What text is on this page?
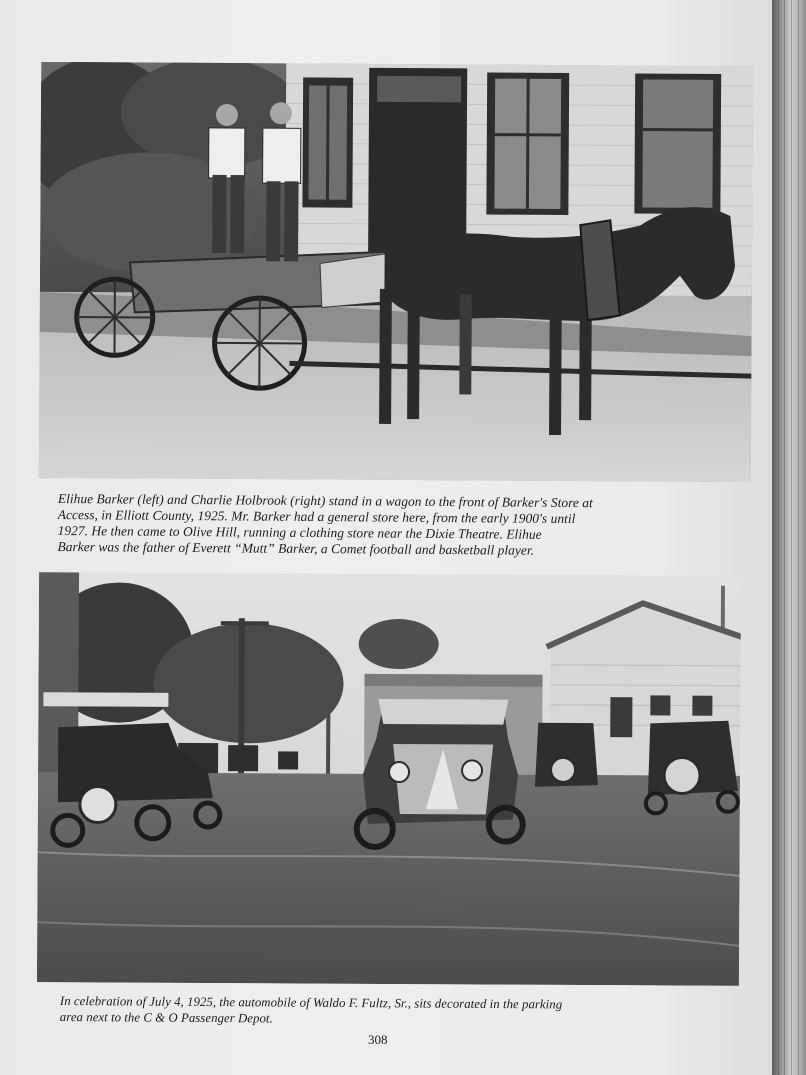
Elihue Barker (left) and Charlie Holbrook (right) stand in a wagon to the front of Barker's Store at
Access, in Elliott County, 1925. Mr. Barker had a general store here, from the early 1900's until
1927. He then came to Olive Hill, running a clothing store near the Dixie Theatre. Elihue
Barker was the father of Everett “Mutt” Barker, a Comet football and basketball player.
In celebration of July 4, 1925, the automobile of Waldo F. Fultz, Sr., sits decorated in the parking
area next to the C & O Passenger Depot.
308
